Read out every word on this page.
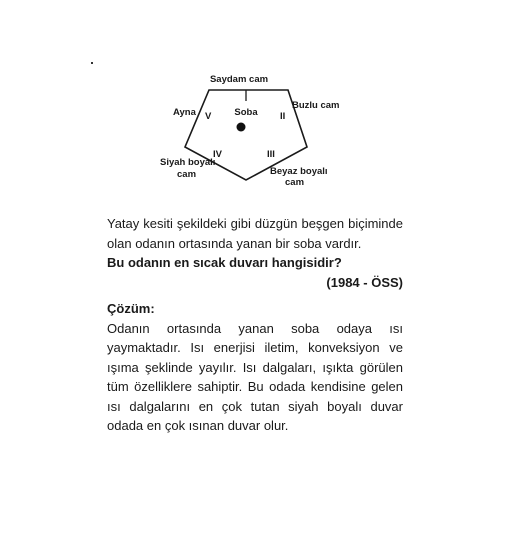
Saydam cam
Buzlu cam
Ayna
Siyah boyalı
cam	Beyaz boyalı
cam
V	II
IV	III
Soba

Yatay kesiti şekildeki gibi düzgün beşgen biçiminde olan odanın ortasında yanan bir soba vardır.

Bu odanın en sıcak duvarı hangisidir?

(1984 - ÖSS)

Çözüm:

Odanın ortasında yanan soba odaya ısı yaymaktadır. Isı enerjisi iletim, konveksiyon ve ışıma şeklinde yayılır. Isı dalgaları, ışıkta görülen tüm özelliklere sahiptir. Bu odada kendisine gelen ısı dalgalarını en çok tutan siyah boyalı duvar odada en çok ısınan duvar olur.
